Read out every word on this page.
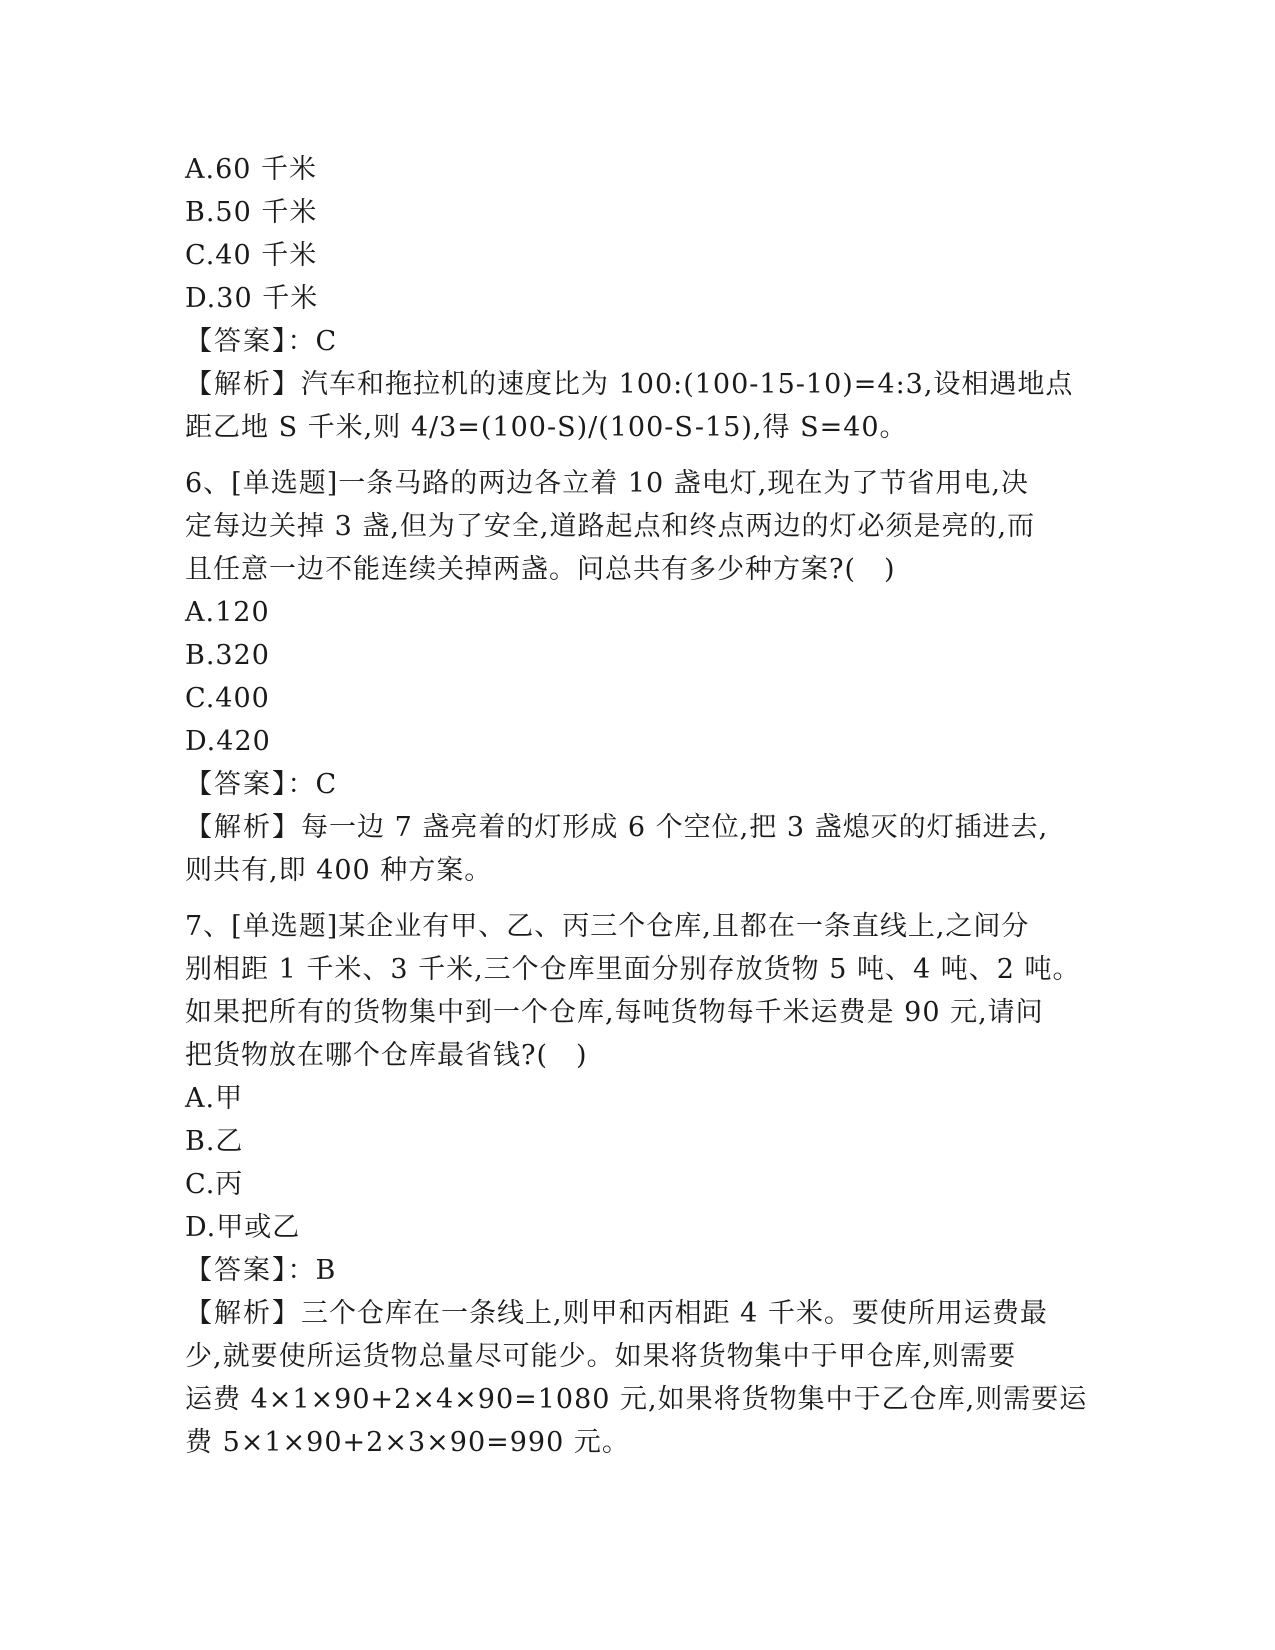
A.60 千米
B.50 千米
C.40 千米
D.30 千米
【答案】：C
【解析】汽车和拖拉机的速度比为 100:(100-15-10)=4:3,设相遇地点
距乙地 S 千米,则 4/3=(100-S)/(100-S-15),得 S=40。
6、[单选题]一条马路的两边各立着 10 盏电灯,现在为了节省用电,决
定每边关掉 3 盏,但为了安全,道路起点和终点两边的灯必须是亮的,而
且任意一边不能连续关掉两盏。问总共有多少种方案?(　)
A.120
B.320
C.400
D.420
【答案】：C
【解析】每一边 7 盏亮着的灯形成 6 个空位,把 3 盏熄灭的灯插进去,
则共有,即 400 种方案。
7、[单选题]某企业有甲、乙、丙三个仓库,且都在一条直线上,之间分
别相距 1 千米、3 千米,三个仓库里面分别存放货物 5 吨、4 吨、2 吨。
如果把所有的货物集中到一个仓库,每吨货物每千米运费是 90 元,请问
把货物放在哪个仓库最省钱?(　)
A.甲
B.乙
C.丙
D.甲或乙
【答案】：B
【解析】三个仓库在一条线上,则甲和丙相距 4 千米。要使所用运费最
少,就要使所运货物总量尽可能少。如果将货物集中于甲仓库,则需要
运费 4×1×90+2×4×90=1080 元,如果将货物集中于乙仓库,则需要运
费 5×1×90+2×3×90=990 元。
